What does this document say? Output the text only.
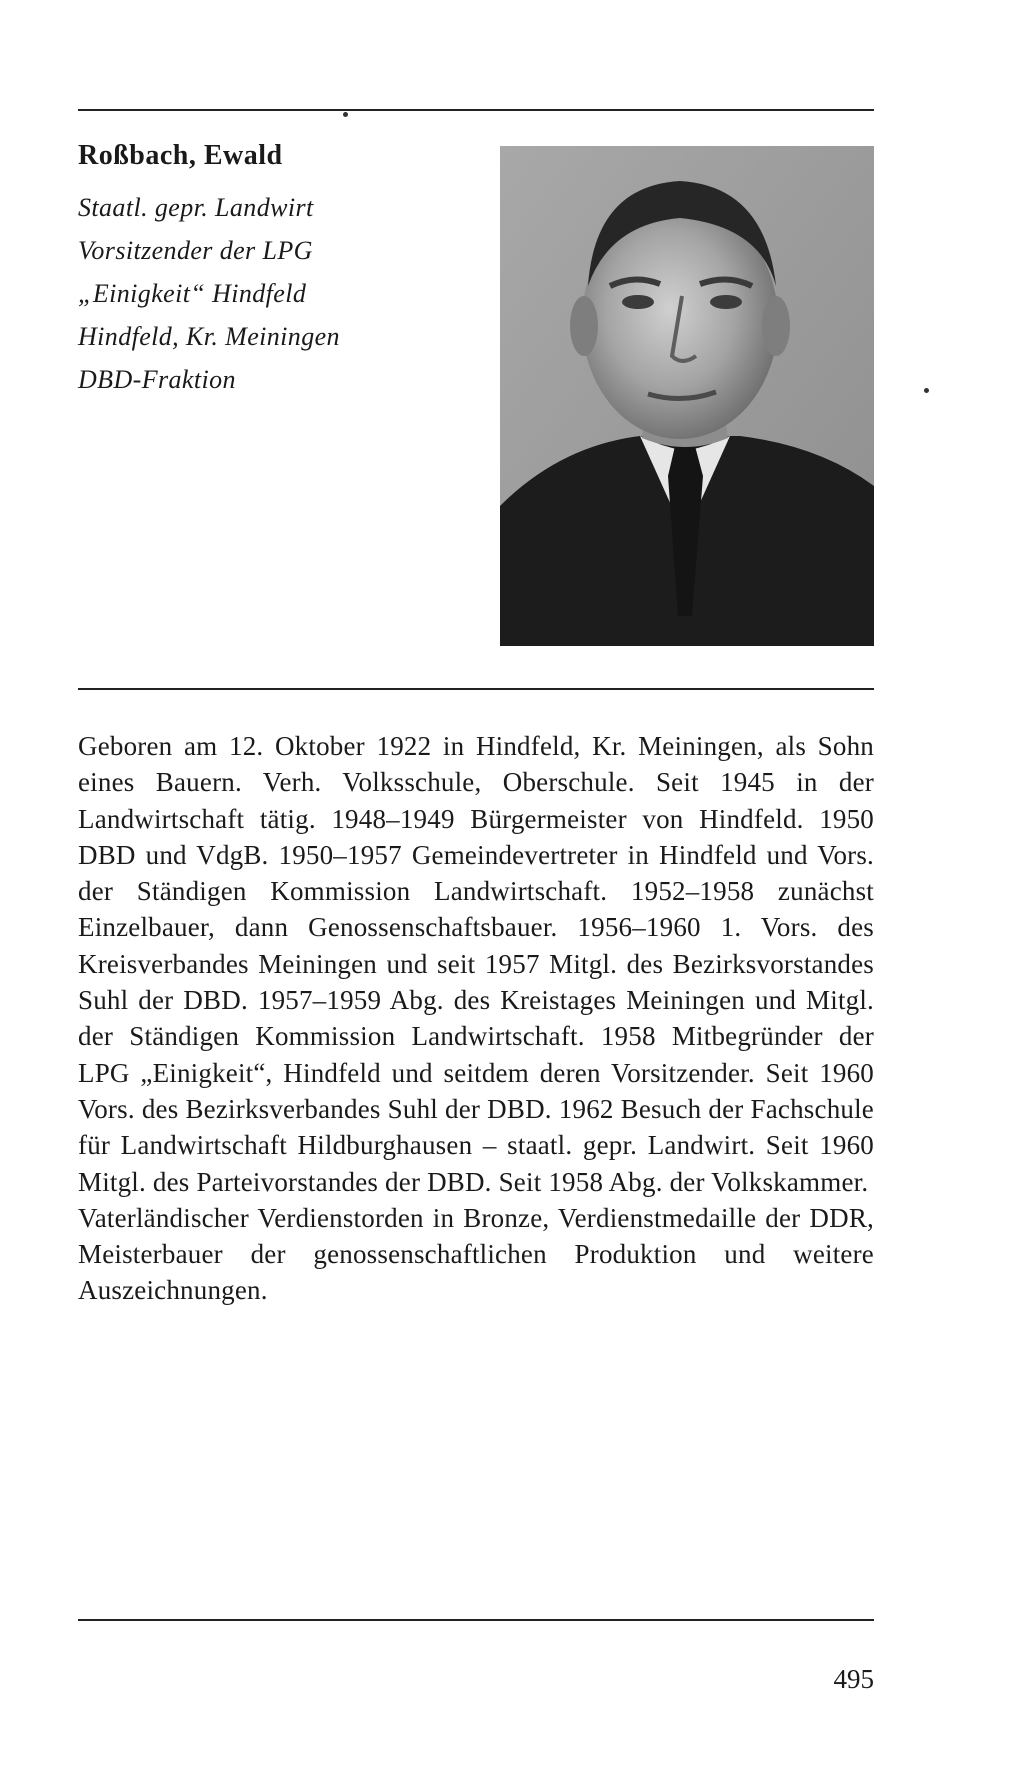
Roßbach, Ewald

Staatl. gepr. Landwirt

Vorsitzender der LPG

„Einigkeit“ Hindfeld

Hindfeld, Kr. Meiningen

DBD-Fraktion

Geboren am 12. Oktober 1922 in Hindfeld, Kr. Meiningen, als Sohn eines Bauern. Verh. Volksschule, Oberschule. Seit 1945 in der Landwirtschaft tätig. 1948–1949 Bürgermeister von Hindfeld. 1950 DBD und VdgB. 1950–1957 Gemeindevertreter in Hindfeld und Vors. der Ständigen Kommission Landwirtschaft. 1952–1958 zunächst Einzelbauer, dann Genossenschaftsbauer. 1956–1960 1. Vors. des Kreisverbandes Meiningen und seit 1957 Mitgl. des Bezirksvorstandes Suhl der DBD. 1957–1959 Abg. des Kreistages Meiningen und Mitgl. der Ständigen Kommission Landwirtschaft. 1958 Mitbegründer der LPG „Einigkeit“, Hindfeld und seitdem deren Vorsitzender. Seit 1960 Vors. des Bezirksverbandes Suhl der DBD. 1962 Besuch der Fachschule für Landwirtschaft Hildburghausen – staatl. gepr. Landwirt. Seit 1960 Mitgl. des Parteivorstandes der DBD. Seit 1958 Abg. der Volkskammer.

Vaterländischer Verdienstorden in Bronze, Verdienstmedaille der DDR, Meisterbauer der genossenschaftlichen Produktion und weitere Auszeichnungen.

495
